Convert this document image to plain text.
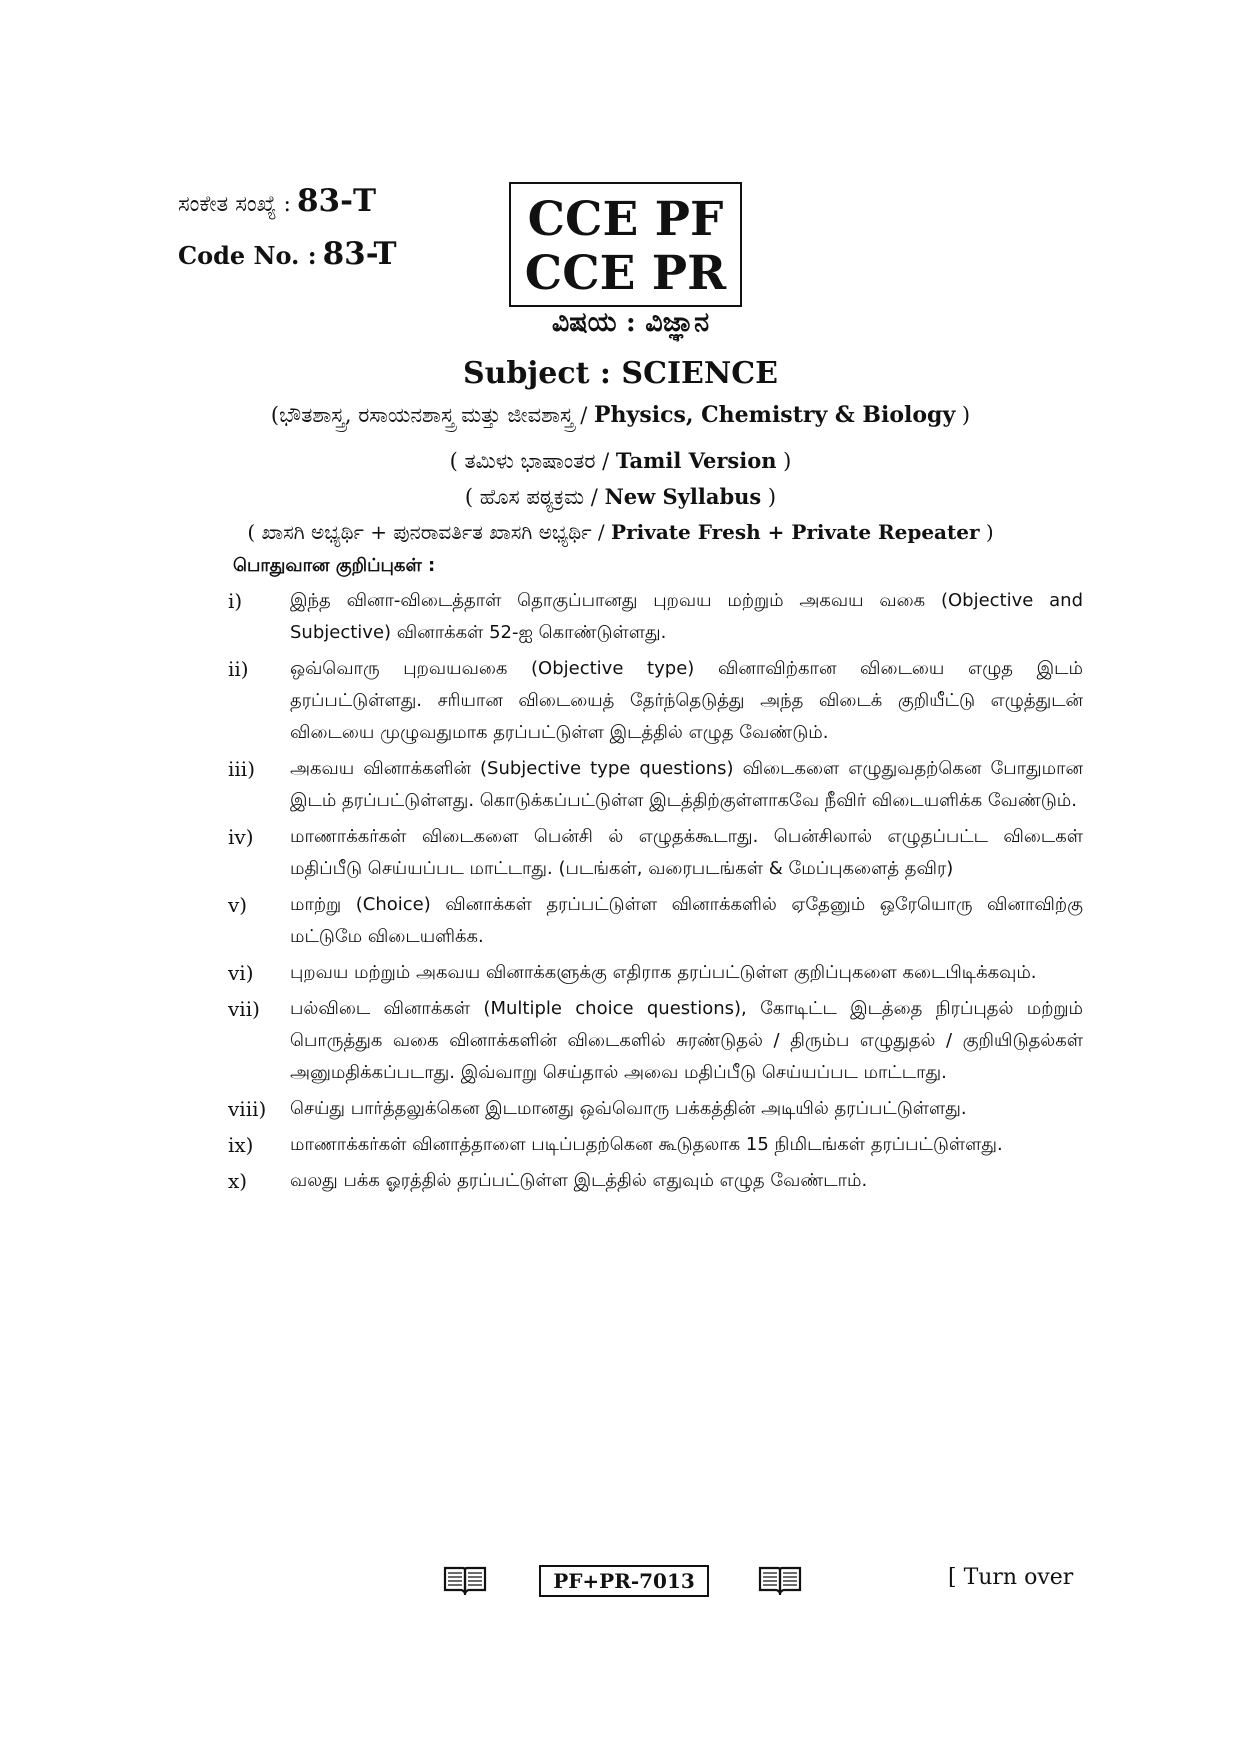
ಸಂಕೇತ ಸಂಖ್ಯೆ : 83-T
Code No. : 83-T
CCE PF
CCE PR
ವಿಷಯ : ವಿಜ್ಞಾನ
Subject : SCIENCE
(ಭೌತಶಾಸ್ತ್ರ, ರಸಾಯನಶಾಸ್ತ್ರ ಮತ್ತು ಜೀವಶಾಸ್ತ್ರ / Physics, Chemistry & Biology )
( ತಮಿಳು ಭಾಷಾಂತರ / Tamil Version )
( ಹೊಸ ಪಠ್ಯಕ್ರಮ / New Syllabus )
( ಖಾಸಗಿ ಅಭ್ಯರ್ಥಿ + ಪುನರಾವರ್ತಿತ ಖಾಸಗಿ ಅಭ್ಯರ್ಥಿ / Private Fresh + Private Repeater )
பொதுவான குறிப்புகள் :
i)	இந்த வினா-விடைத்தாள் தொகுப்பானது புறவய மற்றும் அகவய வகை (Objective and Subjective) வினாக்கள் 52-ஐ கொண்டுள்ளது.
ii)	ஒவ்வொரு புறவயவகை (Objective type) வினாவிற்கான விடையை எழுத இடம் தரப்பட்டுள்ளது. சரியான விடையைத் தேர்ந்தெடுத்து அந்த விடைக் குறியீட்டு எழுத்துடன் விடையை முழுவதுமாக தரப்பட்டுள்ள இடத்தில் எழுத வேண்டும்.
iii)	அகவய வினாக்களின் (Subjective type questions) விடைகளை எழுதுவதற்கென போதுமான இடம் தரப்பட்டுள்ளது. கொடுக்கப்பட்டுள்ள இடத்திற்குள்ளாகவே நீவிர் விடையளிக்க வேண்டும்.
iv)	மாணாக்கர்கள் விடைகளை பென்சி ல் எழுதக்கூடாது. பென்சிலால் எழுதப்பட்ட விடைகள் மதிப்பீடு செய்யப்பட மாட்டாது. (படங்கள், வரைபடங்கள் & மேப்புகளைத் தவிர)
v)	மாற்று (Choice) வினாக்கள் தரப்பட்டுள்ள வினாக்களில் ஏதேனும் ஒரேயொரு வினாவிற்கு மட்டுமே விடையளிக்க.
vi)	புறவய மற்றும் அகவய வினாக்களுக்கு எதிராக தரப்பட்டுள்ள குறிப்புகளை கடைபிடிக்கவும்.
vii)	பல்விடை வினாக்கள் (Multiple choice questions), கோடிட்ட இடத்தை நிரப்புதல் மற்றும் பொருத்துக வகை வினாக்களின் விடைகளில் சுரண்டுதல் / திரும்ப எழுதுதல் / குறியிடுதல்கள் அனுமதிக்கப்படாது. இவ்வாறு செய்தால் அவை மதிப்பீடு செய்யப்பட மாட்டாது.
viii)	செய்து பார்த்தலுக்கென இடமானது ஒவ்வொரு பக்கத்தின் அடியில் தரப்பட்டுள்ளது.
ix)	மாணாக்கர்கள் வினாத்தாளை படிப்பதற்கென கூடுதலாக 15 நிமிடங்கள் தரப்பட்டுள்ளது.
x)	வலது பக்க ஓரத்தில் தரப்பட்டுள்ள இடத்தில் எதுவும் எழுத வேண்டாம்.
PF+PR-7013	[ Turn over
